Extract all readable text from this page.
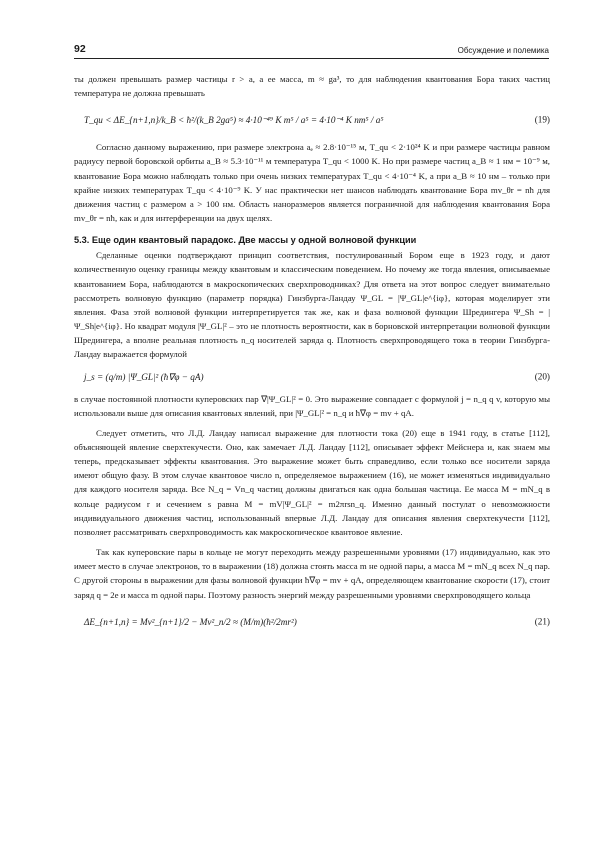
92	Обсуждение и полемика

ты должен превышать размер частицы r > a, а ее масса, m ≈ ga³, то для наблюдения квантования Бора таких частиц температура не должна превышать

T_qu < ΔE_{n+1,n}/k_B < ħ²/(k_B 2ga⁵) ≈ 4·10⁻⁴⁹ K m⁵ / a⁵ = 4·10⁻⁴ K nm⁵ / a⁵	(19)

Согласно данному выражению, при размере электрона aₑ ≈ 2.8·10⁻¹⁵ м, T_qu < 2·10²⁴ K и при размере частицы равном радиусу первой боровской орбиты a_B ≈ 5.3·10⁻¹¹ м температура T_qu < 1000 K. Но при размере частиц a_B ≈ 1 нм = 10⁻⁹ м, квантование Бора можно наблюдать только при очень низких температурах T_qu < 4·10⁻⁴ K, а при a_B ≈ 10 нм – только при крайне низких температурах T_qu < 4·10⁻⁹ K. У нас практически нет шансов наблюдать квантование Бора mv_θr = nħ для движения частиц с размером a > 100 нм. Область наноразмеров является пограничной для наблюдения квантования Бора mv_θr = nħ, как и для интерференции на двух щелях.

5.3. Еще один квантовый парадокс. Две массы у одной волновой функции

Сделанные оценки подтверждают принцип соответствия, постулированный Бором еще в 1923 году, и дают количественную оценку границы между квантовым и классическим поведением. Но почему же тогда явления, описываемые квантованием Бора, наблюдаются в макроскопических сверхпроводниках? Для ответа на этот вопрос следует внимательно рассмотреть волновую функцию (параметр порядка) Гинзбурга-Ландау Ψ_GL = |Ψ_GL|e^{iφ}, которая моделирует эти явления. Фаза этой волновой функции интерпретируется так же, как и фаза волновой функции Шредингера Ψ_Sh = |Ψ_Sh|e^{iφ}. Но квадрат модуля |Ψ_GL|² – это не плотность вероятности, как в борновской интерпретации волновой функции Шредингера, а вполне реальная плотность n_q носителей заряда q. Плотность сверхпроводящего тока в теории Гинзбурга-Ландау выражается формулой

j_s = (q/m) |Ψ_GL|² (ħ∇φ − qA)	(20)

в случае постоянной плотности куперовских пар ∇|Ψ_GL|² = 0. Это выражение совпадает с формулой j = n_q q v, которую мы использовали выше для описания квантовых явлений, при |Ψ_GL|² = n_q и ħ∇φ = mv + qA.

Следует отметить, что Л.Д. Ландау написал выражение для плотности тока (20) еще в 1941 году, в статье [112], объясняющей явление сверхтекучести. Оно, как замечает Л.Д. Ландау [112], описывает эффект Мейснера и, как знаем мы теперь, предсказывает эффекты квантования. Это выражение может быть справедливо, если только все носители заряда имеют общую фазу. В этом случае квантовое число n, определяемое выражением (16), не может изменяться индивидуально для каждого носителя заряда. Все N_q = Vn_q частиц должны двигаться как одна большая частица. Ее масса M = mN_q в кольце радиусом r и сечением s равна M = mV|Ψ_GL|² = m2πrsn_q. Именно данный постулат о невозможности индивидуального движения частиц, использованный впервые Л.Д. Ландау для описания явления сверхтекучести [112], позволяет рассматривать сверхпроводимость как макроскопическое квантовое явление.

Так как куперовские пары в кольце не могут переходить между разрешенными уровнями (17) индивидуально, как это имеет место в случае электронов, то в выражении (18) должна стоять масса m не одной пары, а масса M = mN_q всех N_q пар. С другой стороны в выражении для фазы волновой функции ħ∇φ = mv + qA, определяющем квантование скорости (17), стоит заряд q = 2e и масса m одной пары. Поэтому разность энергий между разрешенными уровнями сверхпроводящего кольца

ΔE_{n+1,n} = Mv²_{n+1}/2 − Mv²_n/2 ≈ (M/m)(ħ²/2mr²)	(21)
